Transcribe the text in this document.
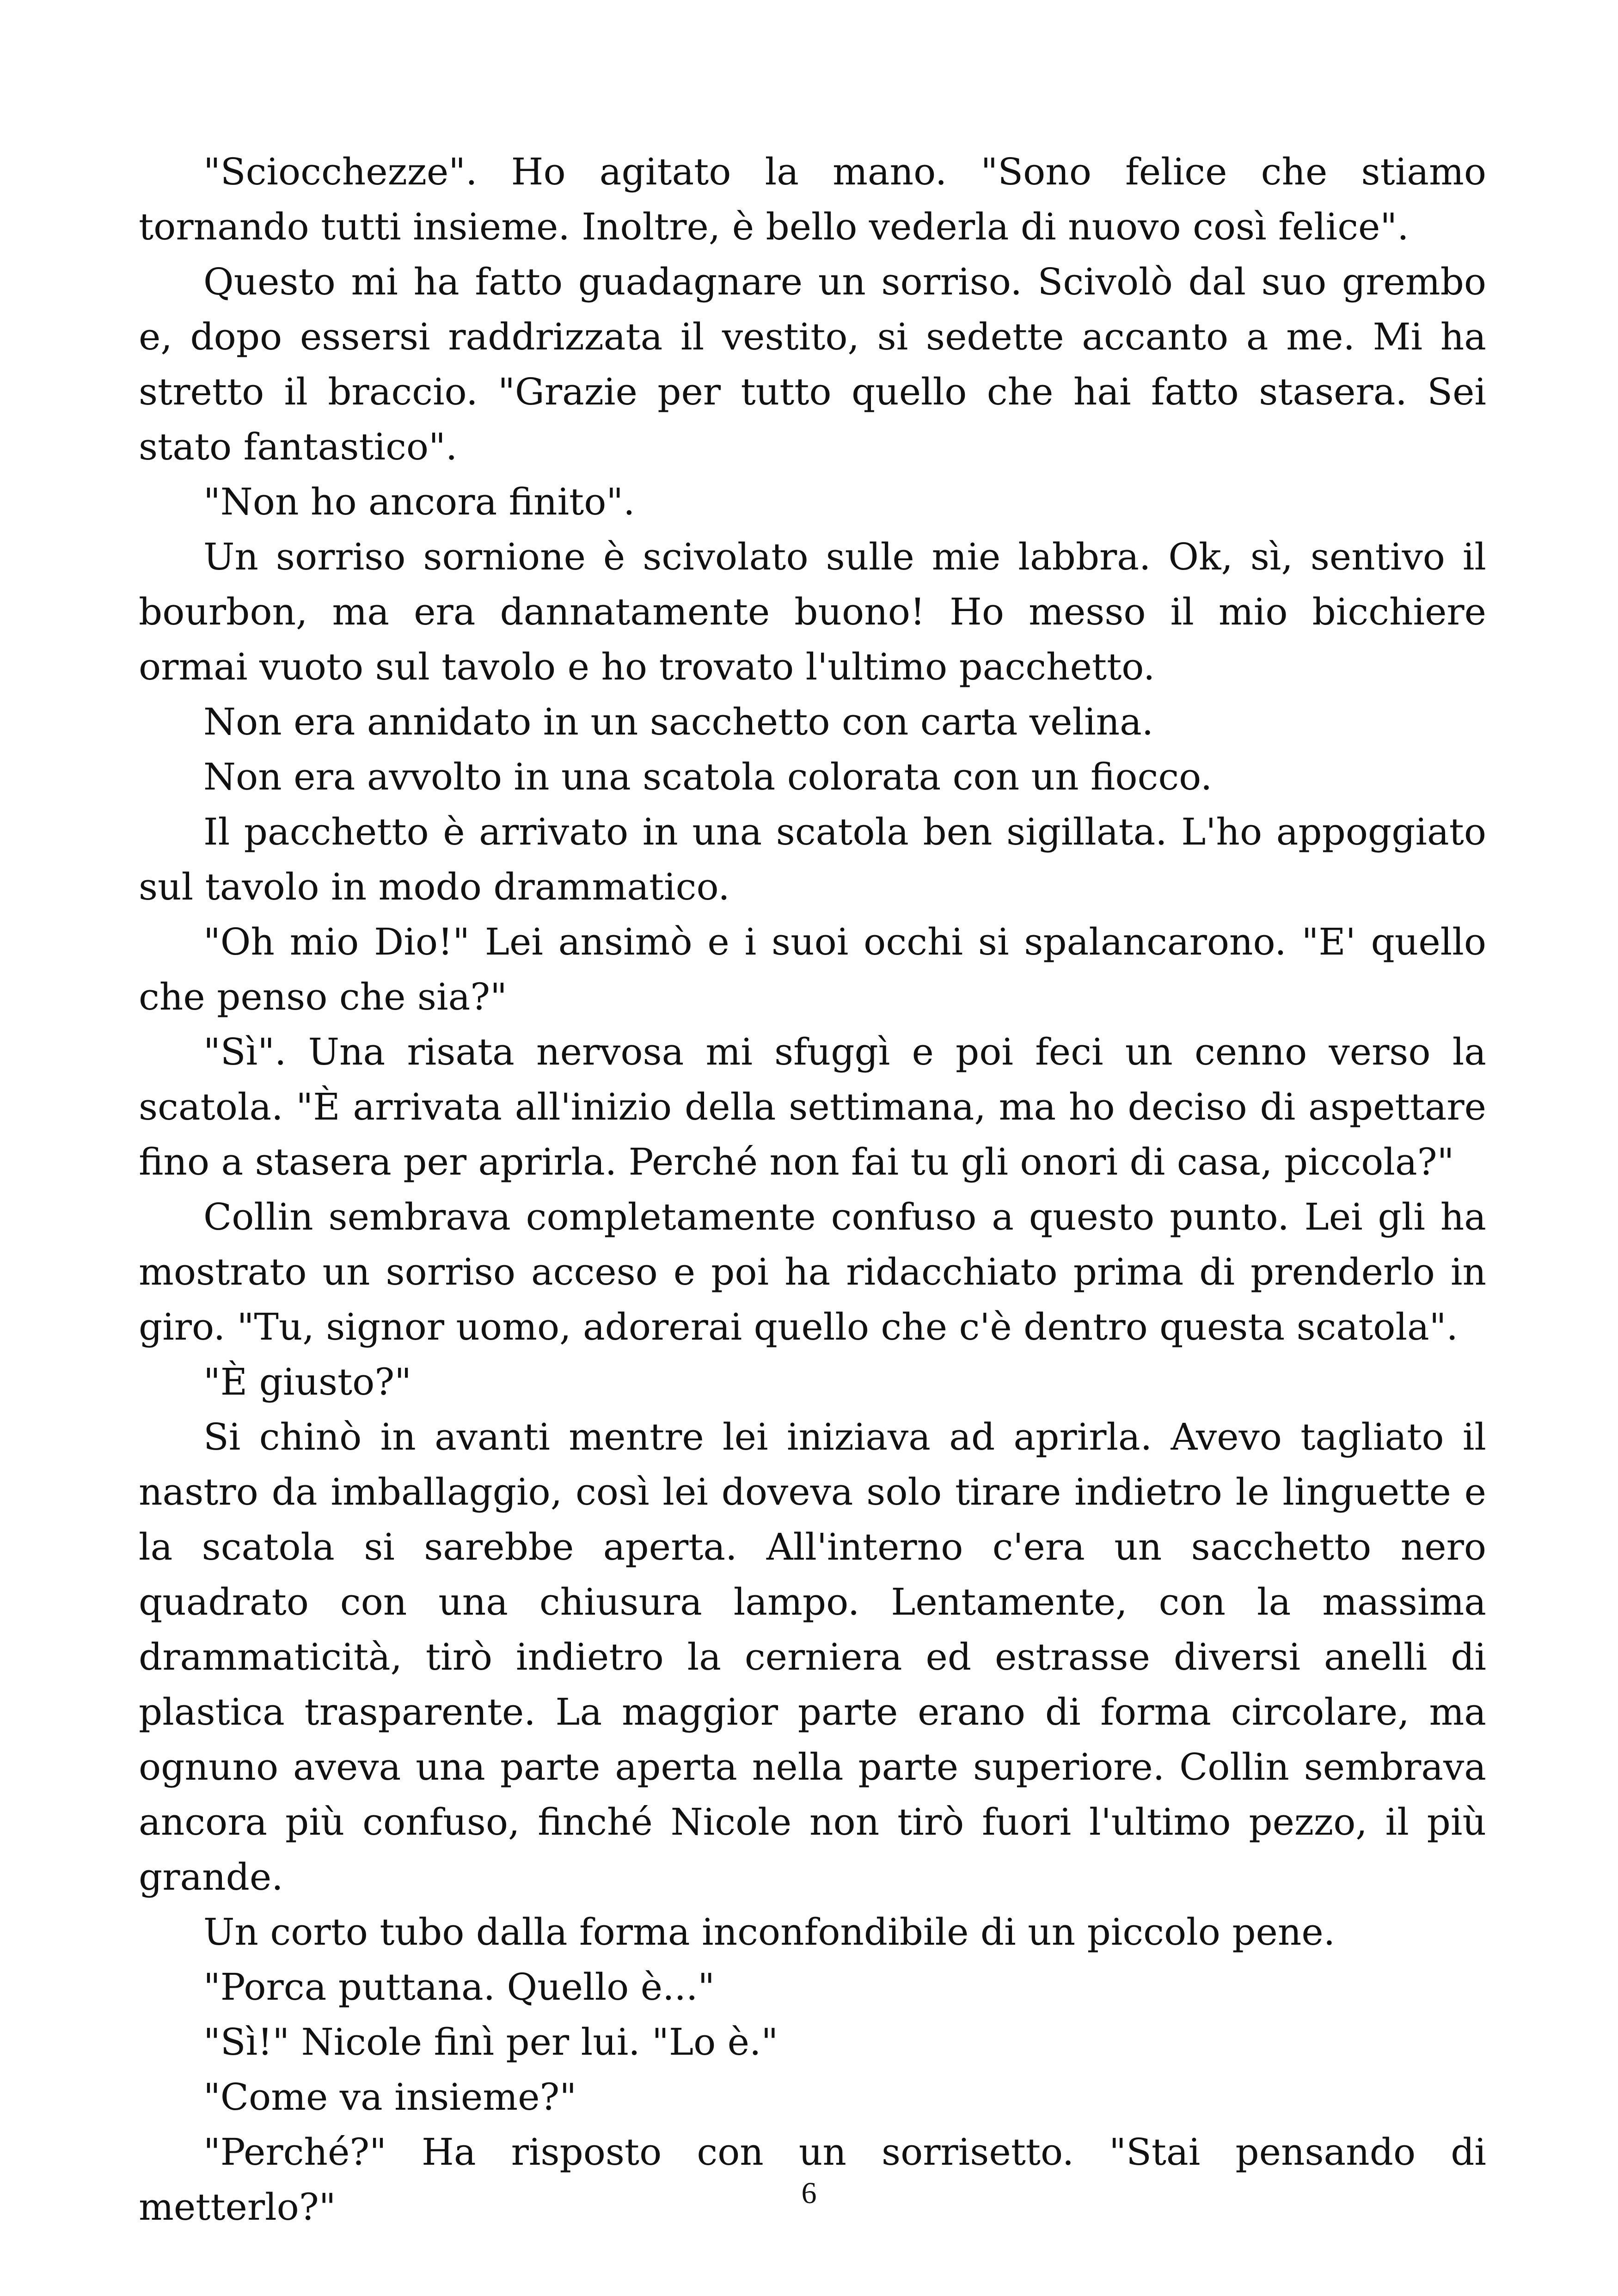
"Sciocchezze". Ho agitato la mano. "Sono felice che stiamo tornando tutti insieme. Inoltre, è bello vederla di nuovo così felice".

Questo mi ha fatto guadagnare un sorriso. Scivolò dal suo grembo e, dopo essersi raddrizzata il vestito, si sedette accanto a me. Mi ha stretto il braccio. "Grazie per tutto quello che hai fatto stasera. Sei stato fantastico".

"Non ho ancora finito".

Un sorriso sornione è scivolato sulle mie labbra. Ok, sì, sentivo il bourbon, ma era dannatamente buono! Ho messo il mio bicchiere ormai vuoto sul tavolo e ho trovato l'ultimo pacchetto.

Non era annidato in un sacchetto con carta velina.

Non era avvolto in una scatola colorata con un fiocco.

Il pacchetto è arrivato in una scatola ben sigillata. L'ho appoggiato sul tavolo in modo drammatico.

"Oh mio Dio!" Lei ansimò e i suoi occhi si spalancarono. "E' quello che penso che sia?"

"Sì". Una risata nervosa mi sfuggì e poi feci un cenno verso la scatola. "È arrivata all'inizio della settimana, ma ho deciso di aspettare fino a stasera per aprirla. Perché non fai tu gli onori di casa, piccola?"

Collin sembrava completamente confuso a questo punto. Lei gli ha mostrato un sorriso acceso e poi ha ridacchiato prima di prenderlo in giro. "Tu, signor uomo, adorerai quello che c'è dentro questa scatola".

"È giusto?"

Si chinò in avanti mentre lei iniziava ad aprirla. Avevo tagliato il nastro da imballaggio, così lei doveva solo tirare indietro le linguette e la scatola si sarebbe aperta. All'interno c'era un sacchetto nero quadrato con una chiusura lampo. Lentamente, con la massima drammaticità, tirò indietro la cerniera ed estrasse diversi anelli di plastica trasparente. La maggior parte erano di forma circolare, ma ognuno aveva una parte aperta nella parte superiore. Collin sembrava ancora più confuso, finché Nicole non tirò fuori l'ultimo pezzo, il più grande.

Un corto tubo dalla forma inconfondibile di un piccolo pene.

"Porca puttana. Quello è..."

"Sì!" Nicole finì per lui. "Lo è."

"Come va insieme?"

"Perché?" Ha risposto con un sorrisetto. "Stai pensando di metterlo?"	6
